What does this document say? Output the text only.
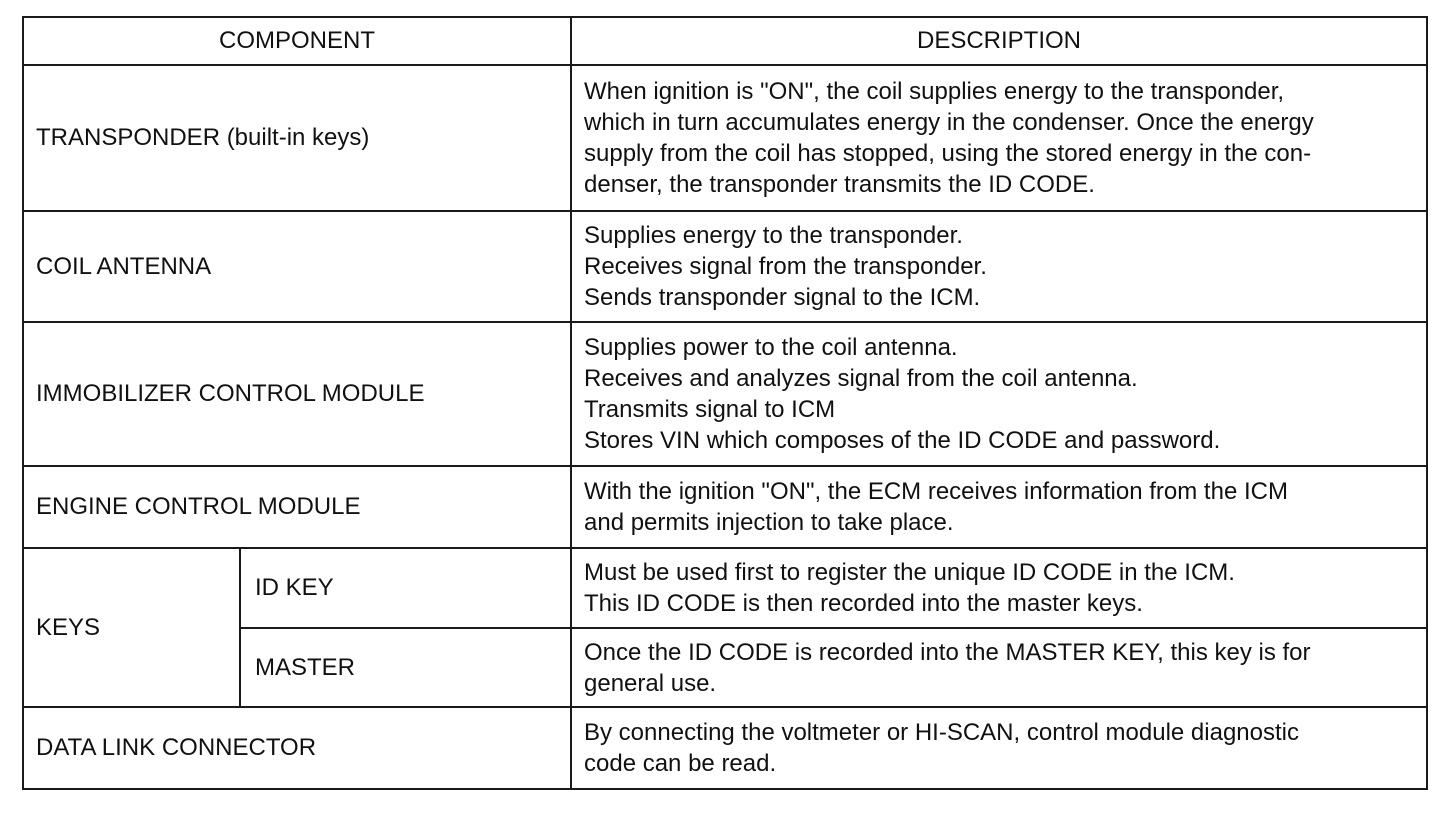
COMPONENT		DESCRIPTION
TRANSPONDER (built-in keys)		When ignition is "ON", the coil supplies energy to the transponder,
which in turn accumulates energy in the condenser. Once the energy
supply from the coil has stopped, using the stored energy in the con-
denser, the transponder transmits the ID CODE.

COIL ANTENNA		Supplies energy to the transponder.
Receives signal from the transponder.
Sends transponder signal to the ICM.

IMMOBILIZER CONTROL MODULE		Supplies power to the coil antenna.
Receives and analyzes signal from the coil antenna.
Transmits signal to ICM
Stores VIN which composes of the ID CODE and password.

ENGINE CONTROL MODULE		With the ignition "ON", the ECM receives information from the ICM
and permits injection to take place.

KEYS	ID KEY	Must be used first to register the unique ID CODE in the ICM.
This ID CODE is then recorded into the master keys.

	MASTER	Once the ID CODE is recorded into the MASTER KEY, this key is for
general use.

DATA LINK CONNECTOR		By connecting the voltmeter or HI-SCAN, control module diagnostic
code can be read.
